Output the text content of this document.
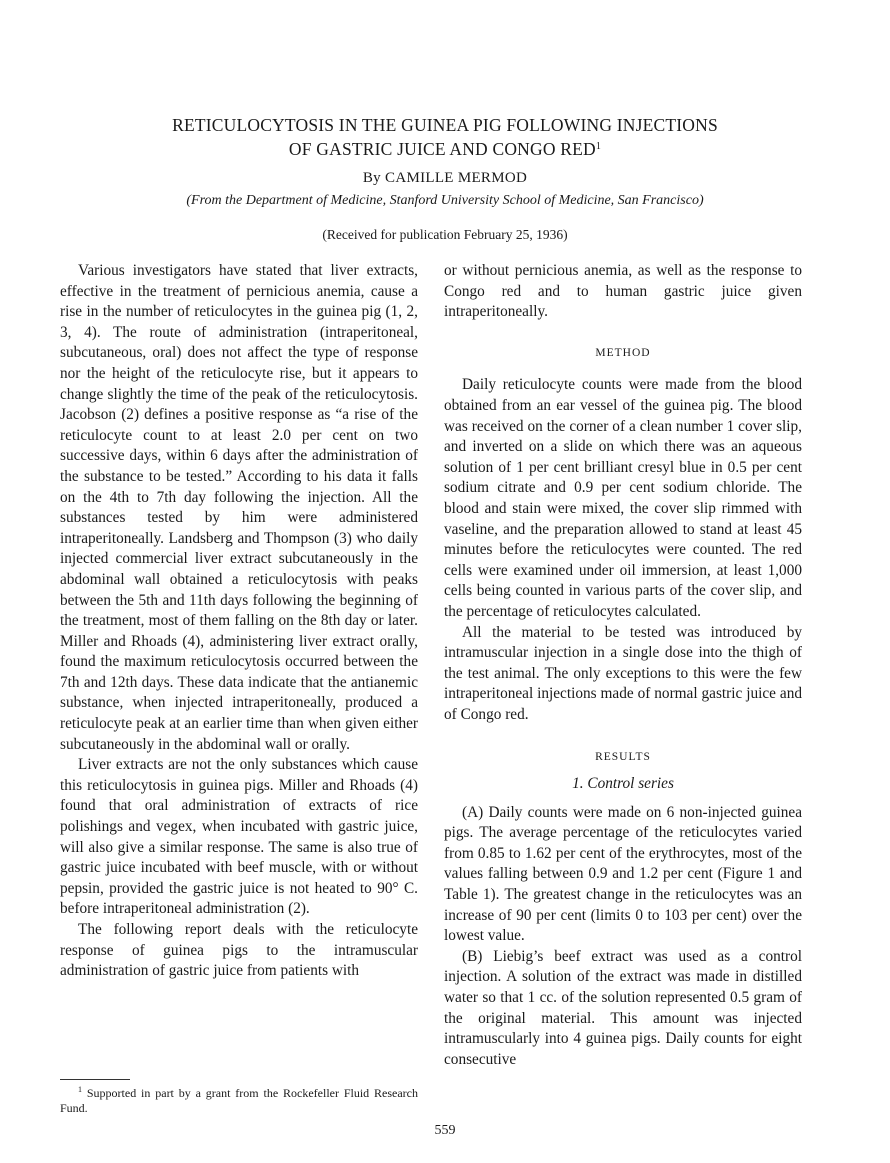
RETICULOCYTOSIS IN THE GUINEA PIG FOLLOWING INJECTIONS
OF GASTRIC JUICE AND CONGO RED$^1$
By CAMILLE MERMOD
(From the Department of Medicine, Stanford University School of Medicine, San Francisco)
(Received for publication February 25, 1936)

Various investigators have stated that liver extracts, effective in the treatment of pernicious anemia, cause a rise in the number of reticulocytes in the guinea pig (1, 2, 3, 4). The route of administration (intraperitoneal, subcutaneous, oral) does not affect the type of response nor the height of the reticulocyte rise, but it appears to change slightly the time of the peak of the reticulocytosis. Jacobson (2) defines a positive response as “a rise of the reticulocyte count to at least 2.0 per cent on two successive days, within 6 days after the administration of the substance to be tested.” According to his data it falls on the 4th to 7th day following the injection. All the substances tested by him were administered intraperitoneally. Landsberg and Thompson (3) who daily injected commercial liver extract subcutaneously in the abdominal wall obtained a reticulocytosis with peaks between the 5th and 11th days following the beginning of the treatment, most of them falling on the 8th day or later. Miller and Rhoads (4), administering liver extract orally, found the maximum reticulocytosis occurred between the 7th and 12th days. These data indicate that the antianemic substance, when injected intraperitoneally, produced a reticulocyte peak at an earlier time than when given either subcutaneously in the abdominal wall or orally.

Liver extracts are not the only substances which cause this reticulocytosis in guinea pigs. Miller and Rhoads (4) found that oral administration of extracts of rice polishings and vegex, when incubated with gastric juice, will also give a similar response. The same is also true of gastric juice incubated with beef muscle, with or without pepsin, provided the gastric juice is not heated to 90° C. before intraperitoneal administration (2).

The following report deals with the reticulocyte response of guinea pigs to the intramuscular administration of gastric juice from patients with

or without pernicious anemia, as well as the response to Congo red and to human gastric juice given intraperitoneally.

METHOD

Daily reticulocyte counts were made from the blood obtained from an ear vessel of the guinea pig. The blood was received on the corner of a clean number 1 cover slip, and inverted on a slide on which there was an aqueous solution of 1 per cent brilliant cresyl blue in 0.5 per cent sodium citrate and 0.9 per cent sodium chloride. The blood and stain were mixed, the cover slip rimmed with vaseline, and the preparation allowed to stand at least 45 minutes before the reticulocytes were counted. The red cells were examined under oil immersion, at least 1,000 cells being counted in various parts of the cover slip, and the percentage of reticulocytes calculated.

All the material to be tested was introduced by intramuscular injection in a single dose into the thigh of the test animal. The only exceptions to this were the few intraperitoneal injections made of normal gastric juice and of Congo red.

RESULTS
1. Control series

(A) Daily counts were made on 6 non-injected guinea pigs. The average percentage of the reticulocytes varied from 0.85 to 1.62 per cent of the erythrocytes, most of the values falling between 0.9 and 1.2 per cent (Figure 1 and Table 1). The greatest change in the reticulocytes was an increase of 90 per cent (limits 0 to 103 per cent) over the lowest value.

(B) Liebig’s beef extract was used as a control injection. A solution of the extract was made in distilled water so that 1 cc. of the solution represented 0.5 gram of the original material. This amount was injected intramuscularly into 4 guinea pigs. Daily counts for eight consecutive

$^1$ Supported in part by a grant from the Rockefeller Fluid Research Fund.
559
